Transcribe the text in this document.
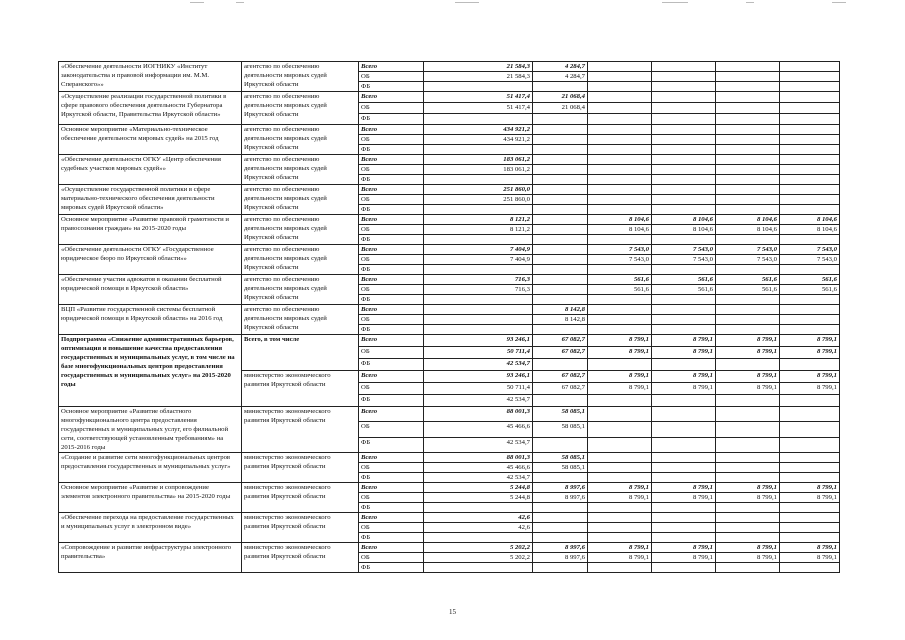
«Обеспечение деятельности ИОГНИКУ «Институт законодательства и правовой информации им. М.М. Сперанского»»	агентство по обеспечению деятельности мировых судей Иркутской области	Всего	21 584,3	4 284,7				
		ОБ	21 584,3	4 284,7				
		ФБ						
«Осуществление реализации государственной политики в сфере правового обеспечения деятельности Губернатора Иркутской области, Правительства Иркутской области»	агентство по обеспечению деятельности мировых судей Иркутской области	Всего	51 417,4	21 068,4				
		ОБ	51 417,4	21 068,4				
		ФБ						
Основное мероприятие «Материально-техническое обеспечение деятельности мировых судей» на 2015 год	агентство по обеспечению деятельности мировых судей Иркутской области	Всего	434 921,2					
		ОБ	434 921,2					
		ФБ						
«Обеспечение деятельности ОГКУ «Центр обеспечения судебных участков мировых судей»»	агентство по обеспечению деятельности мировых судей Иркутской области	Всего	183 061,2					
		ОБ	183 061,2					
		ФБ						
«Осуществление государственной политики в сфере материально-технического обеспечения деятельности мировых судей Иркутской области»	агентство по обеспечению деятельности мировых судей Иркутской области	Всего	251 860,0					
		ОБ	251 860,0					
		ФБ						
Основное мероприятие «Развитие правовой грамотности и правосознания граждан» на 2015-2020 годы	агентство по обеспечению деятельности мировых судей Иркутской области	Всего	8 121,2		8 104,6	8 104,6	8 104,6	8 104,6
		ОБ	8 121,2		8 104,6	8 104,6	8 104,6	8 104,6
		ФБ						
«Обеспечение деятельности ОГКУ «Государственное юридическое бюро по Иркутской области»»	агентство по обеспечению деятельности мировых судей Иркутской области	Всего	7 404,9		7 543,0	7 543,0	7 543,0	7 543,0
		ОБ	7 404,9		7 543,0	7 543,0	7 543,0	7 543,0
		ФБ						
«Обеспечение участия адвокатов в оказании бесплатной юридической помощи в Иркутской области»	агентство по обеспечению деятельности мировых судей Иркутской области	Всего	716,3		561,6	561,6	561,6	561,6
		ОБ	716,3		561,6	561,6	561,6	561,6
		ФБ						
ВЦП «Развитие государственной системы бесплатной юридической помощи в Иркутской области» на 2016 год	агентство по обеспечению деятельности мировых судей Иркутской области	Всего		8 142,8				
		ОБ		8 142,8				
		ФБ						
Подпрограмма «Снижение административных барьеров, оптимизация и повышение качества предоставления государственных и муниципальных услуг, в том числе на базе многофункциональных центров предоставления государственных и муниципальных услуг» на 2015-2020 годы	Всего, в том числе	Всего	93 246,1	67 082,7	8 799,1	8 799,1	8 799,1	8 799,1
		ОБ	50 711,4	67 082,7	8 799,1	8 799,1	8 799,1	8 799,1
		ФБ	42 534,7					
	министерство экономического развития Иркутской области	Всего	93 246,1	67 082,7	8 799,1	8 799,1	8 799,1	8 799,1
		ОБ	50 711,4	67 082,7	8 799,1	8 799,1	8 799,1	8 799,1
		ФБ	42 534,7					
Основное мероприятие «Развитие областного многофункционального центра предоставления государственных и муниципальных услуг, его филиальной сети, соответствующей установленным требованиям» на 2015-2016 годы	министерство экономического развития Иркутской области	Всего	88 001,3	58 085,1				
		ОБ	45 466,6	58 085,1				
		ФБ	42 534,7					
«Создание и развитие сети многофункциональных центров предоставления государственных и муниципальных услуг»	министерство экономического развития Иркутской области	Всего	88 001,3	58 085,1				
		ОБ	45 466,6	58 085,1				
		ФБ	42 534,7					
Основное мероприятие «Развитие и сопровождение элементов электронного правительства» на 2015-2020 годы	министерство экономического развития Иркутской области	Всего	5 244,8	8 997,6	8 799,1	8 799,1	8 799,1	8 799,1
		ОБ	5 244,8	8 997,6	8 799,1	8 799,1	8 799,1	8 799,1
		ФБ						
«Обеспечение перехода на предоставление государственных и муниципальных услуг в электронном виде»	министерство экономического развития Иркутской области	Всего	42,6					
		ОБ	42,6					
		ФБ						
«Сопровождение и развитие инфраструктуры электронного правительства»	министерство экономического развития Иркутской области	Всего	5 202,2	8 997,6	8 799,1	8 799,1	8 799,1	8 799,1
		ОБ	5 202,2	8 997,6	8 799,1	8 799,1	8 799,1	8 799,1
		ФБ						
15
